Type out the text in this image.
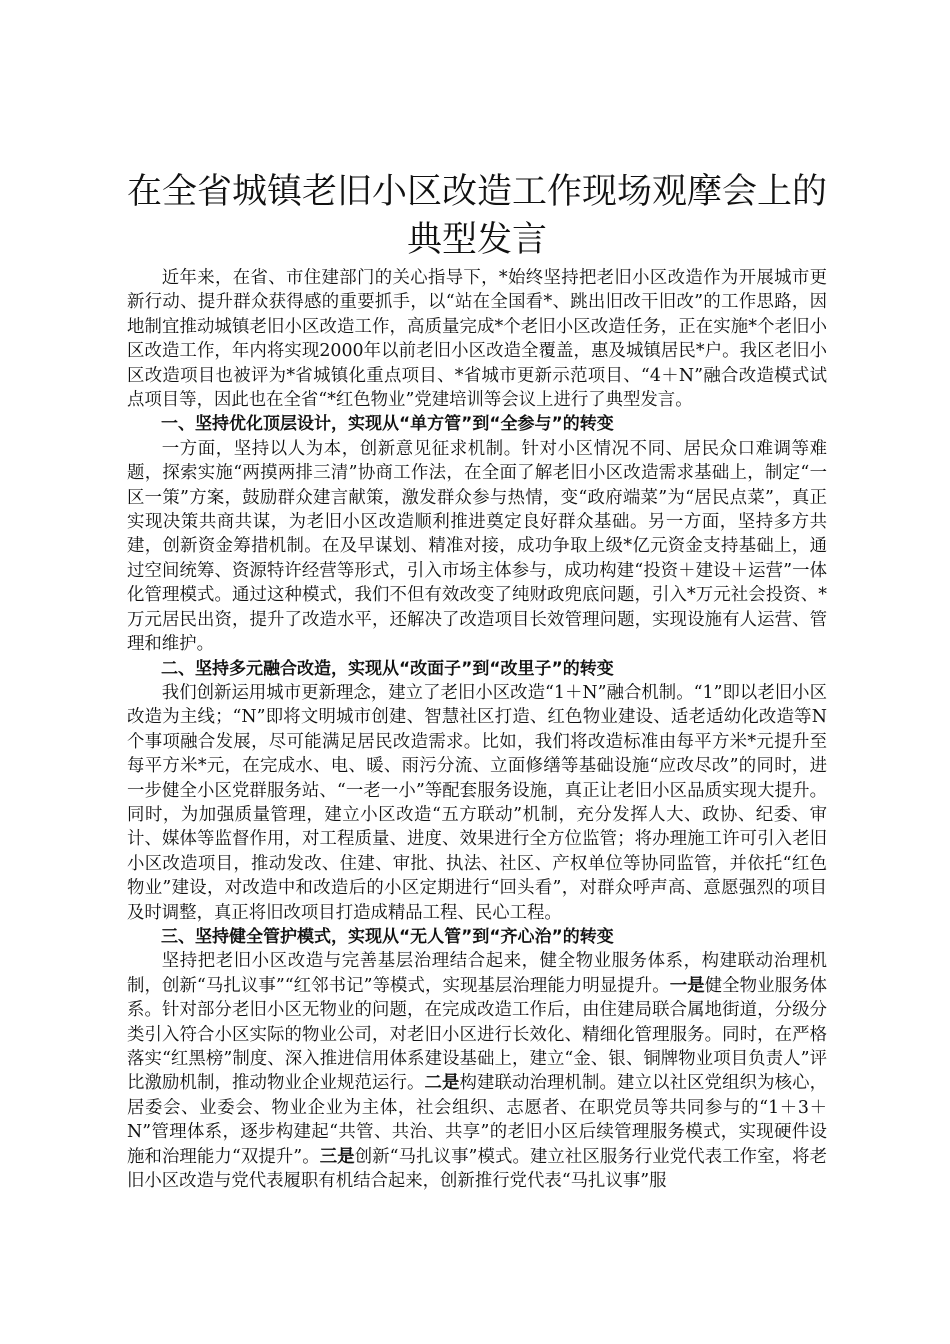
在全省城镇老旧小区改造工作现场观摩会上的
典型发言

近年来，在省、市住建部门的关心指导下，*始终坚持把老旧小区改造作为开展城市更新行动、提升群众获得感的重要抓手，以“站在全国看*、跳出旧改干旧改”的工作思路，因地制宜推动城镇老旧小区改造工作，高质量完成*个老旧小区改造任务，正在实施*个老旧小区改造工作，年内将实现2000年以前老旧小区改造全覆盖，惠及城镇居民*户。我区老旧小区改造项目也被评为*省城镇化重点项目、*省城市更新示范项目、“4＋N”融合改造模式试点项目等，因此也在全省“*红色物业”党建培训等会议上进行了典型发言。

一、坚持优化顶层设计，实现从“单方管”到“全参与”的转变

一方面，坚持以人为本，创新意见征求机制。针对小区情况不同、居民众口难调等难题，探索实施“两摸两排三清”协商工作法，在全面了解老旧小区改造需求基础上，制定“一区一策”方案，鼓励群众建言献策，激发群众参与热情，变“政府端菜”为“居民点菜”，真正实现决策共商共谋，为老旧小区改造顺利推进奠定良好群众基础。另一方面，坚持多方共建，创新资金筹措机制。在及早谋划、精准对接，成功争取上级*亿元资金支持基础上，通过空间统筹、资源特许经营等形式，引入市场主体参与，成功构建“投资＋建设＋运营”一体化管理模式。通过这种模式，我们不但有效改变了纯财政兜底问题，引入*万元社会投资、*万元居民出资，提升了改造水平，还解决了改造项目长效管理问题，实现设施有人运营、管理和维护。

二、坚持多元融合改造，实现从“改面子”到“改里子”的转变

我们创新运用城市更新理念，建立了老旧小区改造“1＋N”融合机制。“1”即以老旧小区改造为主线；“N”即将文明城市创建、智慧社区打造、红色物业建设、适老适幼化改造等N个事项融合发展，尽可能满足居民改造需求。比如，我们将改造标准由每平方米*元提升至每平方米*元，在完成水、电、暖、雨污分流、立面修缮等基础设施“应改尽改”的同时，进一步健全小区党群服务站、“一老一小”等配套服务设施，真正让老旧小区品质实现大提升。同时，为加强质量管理，建立小区改造“五方联动”机制，充分发挥人大、政协、纪委、审计、媒体等监督作用，对工程质量、进度、效果进行全方位监管；将办理施工许可引入老旧小区改造项目，推动发改、住建、审批、执法、社区、产权单位等协同监管，并依托“红色物业”建设，对改造中和改造后的小区定期进行“回头看”，对群众呼声高、意愿强烈的项目及时调整，真正将旧改项目打造成精品工程、民心工程。

三、坚持健全管护模式，实现从“无人管”到“齐心治”的转变

坚持把老旧小区改造与完善基层治理结合起来，健全物业服务体系，构建联动治理机制，创新“马扎议事”“红邻书记”等模式，实现基层治理能力明显提升。一是健全物业服务体系。针对部分老旧小区无物业的问题，在完成改造工作后，由住建局联合属地街道，分级分类引入符合小区实际的物业公司，对老旧小区进行长效化、精细化管理服务。同时，在严格落实“红黑榜”制度、深入推进信用体系建设基础上，建立“金、银、铜牌物业项目负责人”评比激励机制，推动物业企业规范运行。二是构建联动治理机制。建立以社区党组织为核心，居委会、业委会、物业企业为主体，社会组织、志愿者、在职党员等共同参与的“1＋3＋N”管理体系，逐步构建起“共管、共治、共享”的老旧小区后续管理服务模式，实现硬件设施和治理能力“双提升”。三是创新“马扎议事”模式。建立社区服务行业党代表工作室，将老旧小区改造与党代表履职有机结合起来，创新推行党代表“马扎议事”服
